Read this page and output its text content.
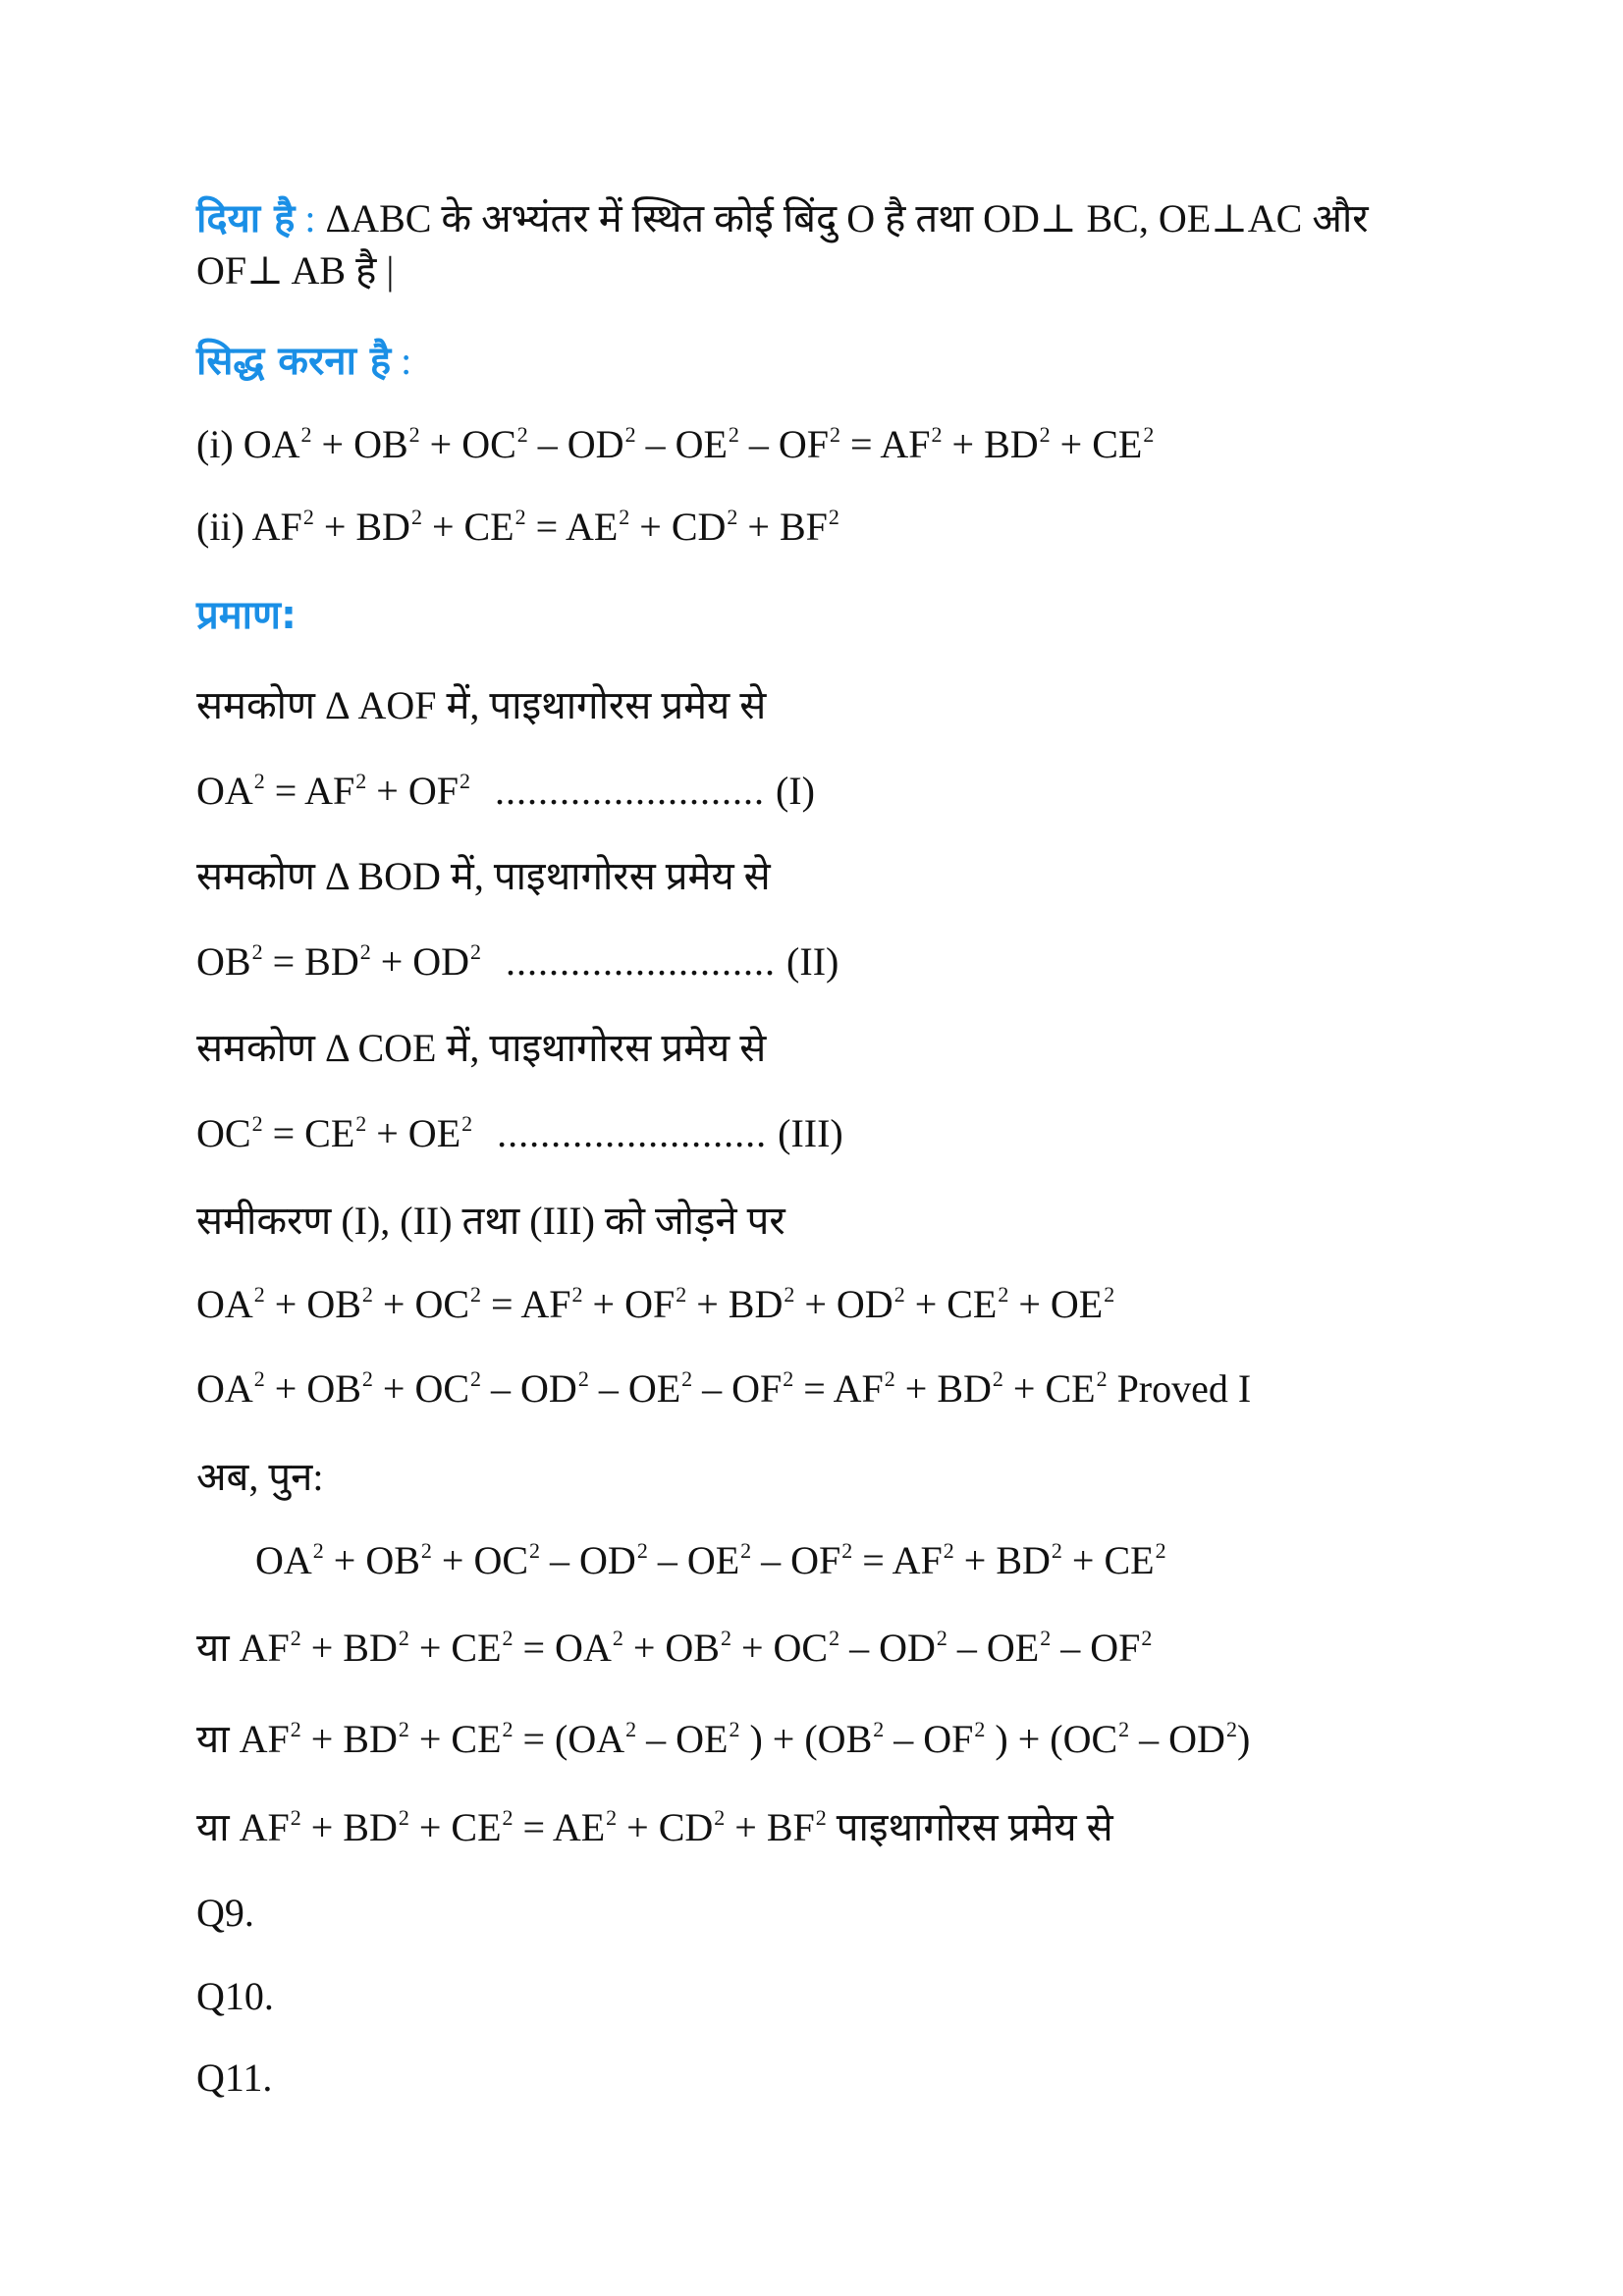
दिया है : ΔABC के अभ्यंतर में स्थित कोई बिंदु O है तथा OD⊥ BC, OE⊥AC और
OF⊥ AB है |
सिद्ध करना है :
(i) $OA^2 + OB^2 + OC^2 - OD^2 - OE^2 - OF^2 = AF^2 + BD^2 + CE^2$
(ii) $AF^2 + BD^2 + CE^2 = AE^2 + CD^2 + BF^2$
प्रमाण:
समकोण Δ AOF में, पाइथागोरस प्रमेय से
$OA^2 = AF^2 + OF^2$ ......................... (I)
समकोण Δ BOD में, पाइथागोरस प्रमेय से
$OB^2 = BD^2 + OD^2$ ......................... (II)
समकोण Δ COE में, पाइथागोरस प्रमेय से
$OC^2 = CE^2 + OE^2$ ......................... (III)
समीकरण (I), (II) तथा (III) को जोड़ने पर
$OA^2 + OB^2 + OC^2 = AF^2 + OF^2 + BD^2 + OD^2 + CE^2 + OE^2$
$OA^2 + OB^2 + OC^2 - OD^2 - OE^2 - OF^2 = AF^2 + BD^2 + CE^2$ Proved I
अब, पुन:
$OA^2 + OB^2 + OC^2 - OD^2 - OE^2 - OF^2 = AF^2 + BD^2 + CE^2$
या $AF^2 + BD^2 + CE^2 = OA^2 + OB^2 + OC^2 - OD^2 - OE^2 - OF^2$
या $AF^2 + BD^2 + CE^2 = (OA^2 - OE^2$ ) + ($OB^2 - OF^2$ ) + $(OC^2 - OD^2)$
या $AF^2 + BD^2 + CE^2 = AE^2 + CD^2 + BF^2$ पाइथागोरस प्रमेय से
Q9.
Q10.
Q11.
